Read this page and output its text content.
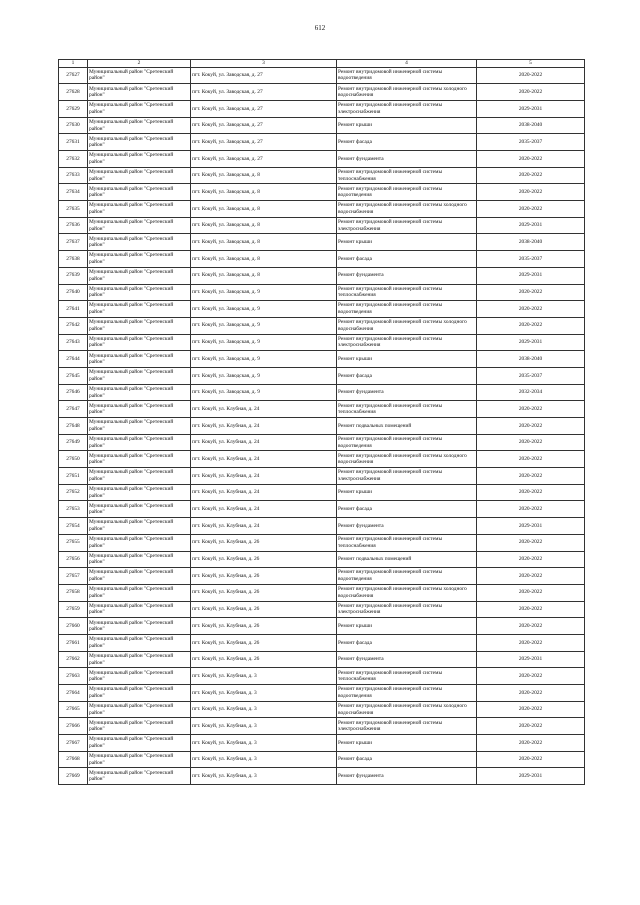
612
1	2	3	4	5
27627	Муниципальный район "Сретенский район"	пгт. Кокуй, ул. Заводская, д. 27	Ремонт внутридомовой инженерной системы водоотведения	2020-2022
27628	Муниципальный район "Сретенский район"	пгт. Кокуй, ул. Заводская, д. 27	Ремонт внутридомовой инженерной системы холодного водоснабжения	2020-2022
27629	Муниципальный район "Сретенский район"	пгт. Кокуй, ул. Заводская, д. 27	Ремонт внутридомовой инженерной системы электроснабжения	2029-2031
27630	Муниципальный район "Сретенский район"	пгт. Кокуй, ул. Заводская, д. 27	Ремонт крыши	2038-2040
27631	Муниципальный район "Сретенский район"	пгт. Кокуй, ул. Заводская, д. 27	Ремонт фасада	2035-2037
27632	Муниципальный район "Сретенский район"	пгт. Кокуй, ул. Заводская, д. 27	Ремонт фундамента	2020-2022
27633	Муниципальный район "Сретенский район"	пгт. Кокуй, ул. Заводская, д. 8	Ремонт внутридомовой инженерной системы теплоснабжения	2020-2022
27634	Муниципальный район "Сретенский район"	пгт. Кокуй, ул. Заводская, д. 8	Ремонт внутридомовой инженерной системы водоотведения	2020-2022
27635	Муниципальный район "Сретенский район"	пгт. Кокуй, ул. Заводская, д. 8	Ремонт внутридомовой инженерной системы холодного водоснабжения	2020-2022
27636	Муниципальный район "Сретенский район"	пгт. Кокуй, ул. Заводская, д. 8	Ремонт внутридомовой инженерной системы электроснабжения	2029-2031
27637	Муниципальный район "Сретенский район"	пгт. Кокуй, ул. Заводская, д. 8	Ремонт крыши	2038-2040
27638	Муниципальный район "Сретенский район"	пгт. Кокуй, ул. Заводская, д. 8	Ремонт фасада	2035-2037
27639	Муниципальный район "Сретенский район"	пгт. Кокуй, ул. Заводская, д. 8	Ремонт фундамента	2029-2031
27640	Муниципальный район "Сретенский район"	пгт. Кокуй, ул. Заводская, д. 9	Ремонт внутридомовой инженерной системы теплоснабжения	2020-2022
27641	Муниципальный район "Сретенский район"	пгт. Кокуй, ул. Заводская, д. 9	Ремонт внутридомовой инженерной системы водоотведения	2020-2022
27642	Муниципальный район "Сретенский район"	пгт. Кокуй, ул. Заводская, д. 9	Ремонт внутридомовой инженерной системы холодного водоснабжения	2020-2022
27643	Муниципальный район "Сретенский район"	пгт. Кокуй, ул. Заводская, д. 9	Ремонт внутридомовой инженерной системы электроснабжения	2029-2031
27644	Муниципальный район "Сретенский район"	пгт. Кокуй, ул. Заводская, д. 9	Ремонт крыши	2038-2040
27645	Муниципальный район "Сретенский район"	пгт. Кокуй, ул. Заводская, д. 9	Ремонт фасада	2035-2037
27646	Муниципальный район "Сретенский район"	пгт. Кокуй, ул. Заводская, д. 9	Ремонт фундамента	2032-2034
27647	Муниципальный район "Сретенский район"	пгт. Кокуй, ул. Клубная, д. 24	Ремонт внутридомовой инженерной системы теплоснабжения	2020-2022
27648	Муниципальный район "Сретенский район"	пгт. Кокуй, ул. Клубная, д. 24	Ремонт подвальных помещений	2020-2022
27649	Муниципальный район "Сретенский район"	пгт. Кокуй, ул. Клубная, д. 24	Ремонт внутридомовой инженерной системы водоотведения	2020-2022
27650	Муниципальный район "Сретенский район"	пгт. Кокуй, ул. Клубная, д. 24	Ремонт внутридомовой инженерной системы холодного водоснабжения	2020-2022
27651	Муниципальный район "Сретенский район"	пгт. Кокуй, ул. Клубная, д. 24	Ремонт внутридомовой инженерной системы электроснабжения	2020-2022
27652	Муниципальный район "Сретенский район"	пгт. Кокуй, ул. Клубная, д. 24	Ремонт крыши	2020-2022
27653	Муниципальный район "Сретенский район"	пгт. Кокуй, ул. Клубная, д. 24	Ремонт фасада	2020-2022
27654	Муниципальный район "Сретенский район"	пгт. Кокуй, ул. Клубная, д. 24	Ремонт фундамента	2029-2031
27655	Муниципальный район "Сретенский район"	пгт. Кокуй, ул. Клубная, д. 26	Ремонт внутридомовой инженерной системы теплоснабжения	2020-2022
27656	Муниципальный район "Сретенский район"	пгт. Кокуй, ул. Клубная, д. 26	Ремонт подвальных помещений	2020-2022
27657	Муниципальный район "Сретенский район"	пгт. Кокуй, ул. Клубная, д. 26	Ремонт внутридомовой инженерной системы водоотведения	2020-2022
27658	Муниципальный район "Сретенский район"	пгт. Кокуй, ул. Клубная, д. 26	Ремонт внутридомовой инженерной системы холодного водоснабжения	2020-2022
27659	Муниципальный район "Сретенский район"	пгт. Кокуй, ул. Клубная, д. 26	Ремонт внутридомовой инженерной системы электроснабжения	2020-2022
27660	Муниципальный район "Сретенский район"	пгт. Кокуй, ул. Клубная, д. 26	Ремонт крыши	2020-2022
27661	Муниципальный район "Сретенский район"	пгт. Кокуй, ул. Клубная, д. 26	Ремонт фасада	2020-2022
27662	Муниципальный район "Сретенский район"	пгт. Кокуй, ул. Клубная, д. 26	Ремонт фундамента	2029-2031
27663	Муниципальный район "Сретенский район"	пгт. Кокуй, ул. Клубная, д. 3	Ремонт внутридомовой инженерной системы теплоснабжения	2020-2022
27664	Муниципальный район "Сретенский район"	пгт. Кокуй, ул. Клубная, д. 3	Ремонт внутридомовой инженерной системы водоотведения	2020-2022
27665	Муниципальный район "Сретенский район"	пгт. Кокуй, ул. Клубная, д. 3	Ремонт внутридомовой инженерной системы холодного водоснабжения	2020-2022
27666	Муниципальный район "Сретенский район"	пгт. Кокуй, ул. Клубная, д. 3	Ремонт внутридомовой инженерной системы электроснабжения	2020-2022
27667	Муниципальный район "Сретенский район"	пгт. Кокуй, ул. Клубная, д. 3	Ремонт крыши	2020-2022
27668	Муниципальный район "Сретенский район"	пгт. Кокуй, ул. Клубная, д. 3	Ремонт фасада	2020-2022
27669	Муниципальный район "Сретенский район"	пгт. Кокуй, ул. Клубная, д. 3	Ремонт фундамента	2029-2031
